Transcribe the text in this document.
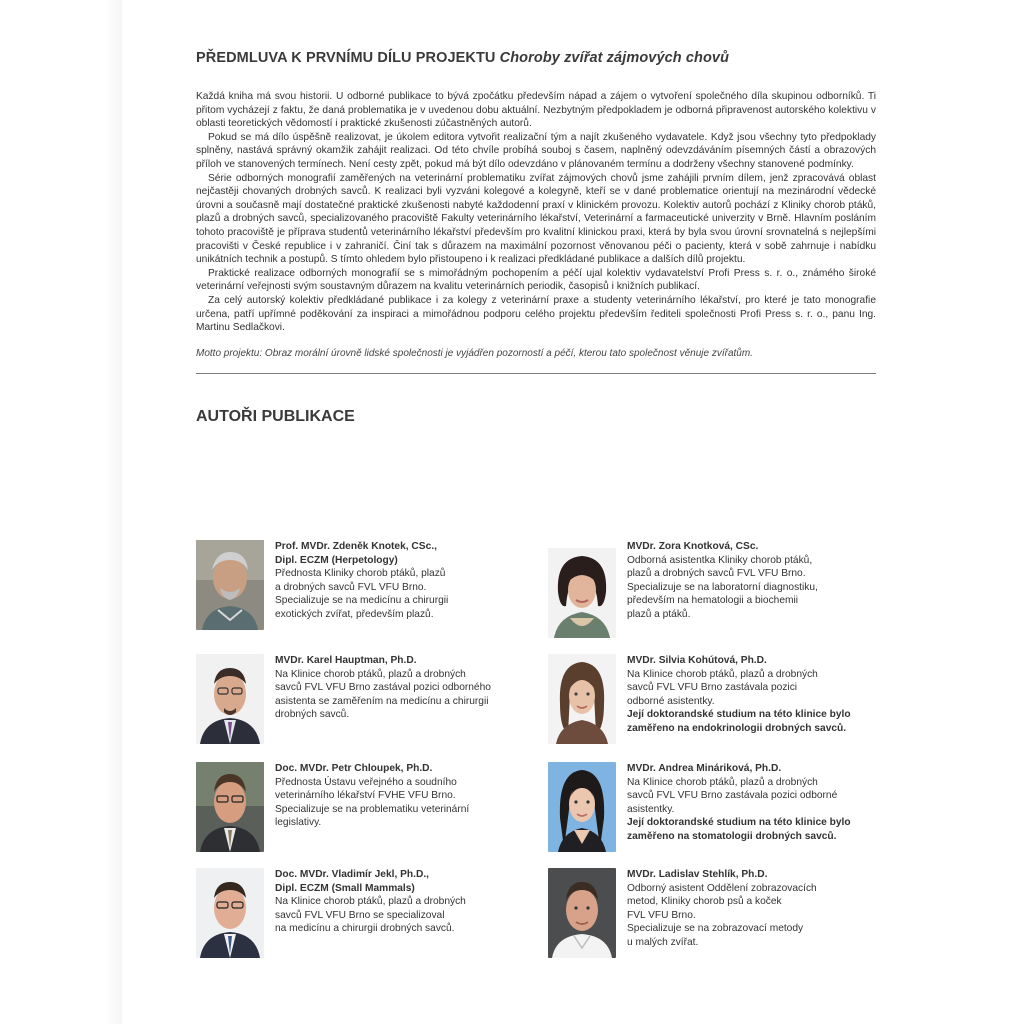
PŘEDMLUVA K PRVNÍMU DÍLU PROJEKTU Choroby zvířat zájmových chovů

Každá kniha má svou historii. U odborné publikace to bývá zpočátku především nápad a zájem o vytvoření společného díla skupinou odborníků. Ti přitom vycházejí z faktu, že daná problematika je v uvedenou dobu aktuální. Nezbytným předpokladem je odborná připravenost autorského kolektivu v oblasti teoretických vědomostí i praktické zkušenosti zúčastněných autorů.

Pokud se má dílo úspěšně realizovat, je úkolem editora vytvořit realizační tým a najít zkušeného vydavatele. Když jsou všechny tyto předpoklady splněny, nastává správný okamžik zahájit realizaci. Od této chvíle probíhá souboj s časem, naplněný odevzdáváním písemných částí a obrazových příloh ve stanovených termínech. Není cesty zpět, pokud má být dílo odevzdáno v plánovaném termínu a dodrženy všechny stanovené podmínky.

Série odborných monografií zaměřených na veterinární problematiku zvířat zájmových chovů jsme zahájili prvním dílem, jenž zpracovává oblast nejčastěji chovaných drobných savců. K realizaci byli vyzváni kolegové a kolegyně, kteří se v dané problematice orientují na mezinárodní vědecké úrovni a současně mají dostatečné praktické zkušenosti nabyté každodenní praxí v klinickém provozu. Kolektiv autorů pochází z Kliniky chorob ptáků, plazů a drobných savců, specializovaného pracoviště Fakulty veterinárního lékařství, Veterinární a farmaceutické univerzity v Brně. Hlavním posláním tohoto pracoviště je příprava studentů veterinárního lékařství především pro kvalitní klinickou praxi, která by byla svou úrovní srovnatelná s nejlepšími pracovišti v České republice i v zahraničí. Činí tak s důrazem na maximální pozornost věnovanou péči o pacienty, která v sobě zahrnuje i nabídku unikátních technik a postupů. S tímto ohledem bylo přistoupeno i k realizaci předkládané publikace a dalších dílů projektu.

Praktické realizace odborných monografií se s mimořádným pochopením a péčí ujal kolektiv vydavatelství Profi Press s. r. o., známého široké veterinární veřejnosti svým soustavným důrazem na kvalitu veterinárních periodik, časopisů i knižních publikací.

Za celý autorský kolektiv předkládané publikace i za kolegy z veterinární praxe a studenty veterinárního lékařství, pro které je tato monografie určena, patří upřímné poděkování za inspiraci a mimořádnou podporu celého projektu především řediteli společnosti Profi Press s. r. o., panu Ing. Martinu Sedlačkovi.

Motto projektu: Obraz morální úrovně lidské společnosti je vyjádřen pozorností a péčí, kterou tato společnost věnuje zvířatům.
AUTOŘI PUBLIKACE
Prof. MVDr. Zdeněk Knotek, CSc.,
Dipl. ECZM (Herpetology)
Přednosta Kliniky chorob ptáků, plazů
a drobných savců FVL VFU Brno.
Specializuje se na medicínu a chirurgii
exotických zvířat, především plazů.
MVDr. Zora Knotková, CSc.
Odborná asistentka Kliniky chorob ptáků,
plazů a drobných savců FVL VFU Brno.
Specializuje se na laboratorní diagnostiku,
především na hematologii a biochemii
plazů a ptáků.
MVDr. Karel Hauptman, Ph.D.
Na Klinice chorob ptáků, plazů a drobných
savců FVL VFU Brno zastával pozici odborného
asistenta se zaměřením na medicínu a chirurgii
drobných savců.
MVDr. Silvia Kohútová, Ph.D.
Na Klinice chorob ptáků, plazů a drobných
savců FVL VFU Brno zastávala pozici
odborné asistentky.
Její doktorandské studium na této klinice bylo
zaměřeno na endokrinologii drobných savců.
Doc. MVDr. Petr Chloupek, Ph.D.
Přednosta Ústavu veřejného a soudního
veterinárního lékařství FVHE VFU Brno.
Specializuje se na problematiku veterinární
legislativy.
MVDr. Andrea Mináriková, Ph.D.
Na Klinice chorob ptáků, plazů a drobných
savců FVL VFU Brno zastávala pozici odborné
asistentky.
Její doktorandské studium na této klinice bylo
zaměřeno na stomatologii drobných savců.
Doc. MVDr. Vladimír Jekl, Ph.D.,
Dipl. ECZM (Small Mammals)
Na Klinice chorob ptáků, plazů a drobných
savců FVL VFU Brno se specializoval
na medicínu a chirurgii drobných savců.
MVDr. Ladislav Stehlík, Ph.D.
Odborný asistent Oddělení zobrazovacích
metod, Kliniky chorob psů a koček
FVL VFU Brno.
Specializuje se na zobrazovací metody
u malých zvířat.
